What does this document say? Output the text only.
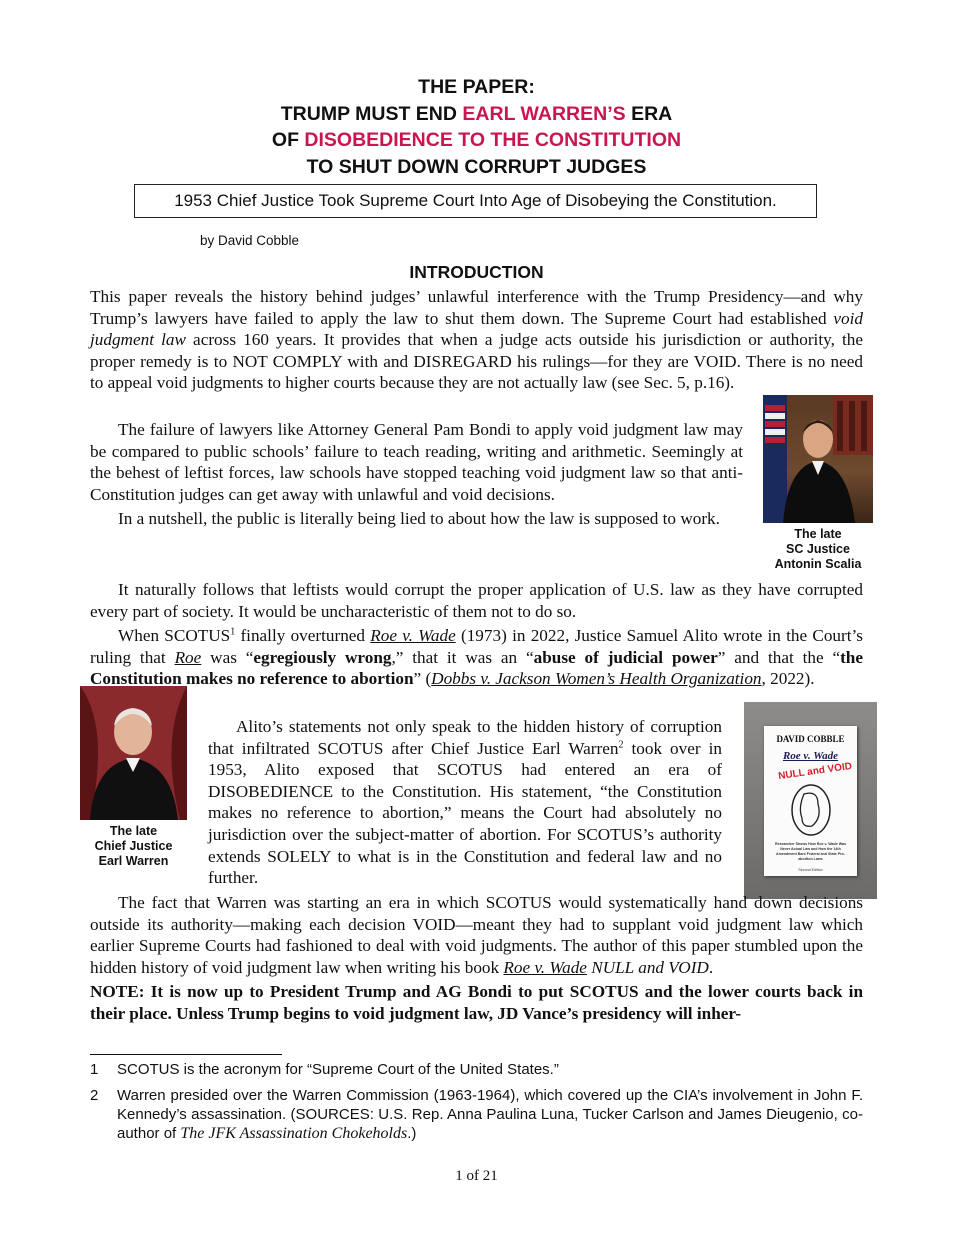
THE PAPER:
TRUMP MUST END EARL WARREN’S ERA
OF DISOBEDIENCE TO THE CONSTITUTION
TO SHUT DOWN CORRUPT JUDGES
1953 Chief Justice Took Supreme Court Into Age of Disobeying the Constitution.
by David Cobble
INTRODUCTION
The late
SC Justice
Antonin Scalia
The late
Chief Justice
Earl Warren
DAVID COBBLE
Roe v. Wade
NULL and VOID
Researcher Shows How Roe v. Wade Was Never Actual Law and How the 14th Amendment Bars Federal and State Pro-abortion Laws
Second Edition

This paper reveals the history behind judges’ unlawful interference with the Trump Presidency—and why Trump’s lawyers have failed to apply the law to shut them down. The Supreme Court had established void judgment law across 160 years. It provides that when a judge acts outside his jurisdiction or authority, the proper remedy is to NOT COMPLY with and DISREGARD his rulings—for they are VOID. There is no need to appeal void judgments to higher courts because they are not actually law (see Sec. 5, p.16).

The failure of lawyers like Attorney General Pam Bondi to apply void judgment law may be compared to public schools’ failure to teach reading, writing and arithmetic. Seemingly at the behest of leftist forces, law schools have stopped teaching void judgment law so that anti-Constitution judges can get away with unlawful and void decisions.

In a nutshell, the public is literally being lied to about how the law is supposed to work.

It naturally follows that leftists would corrupt the proper application of U.S. law as they have corrupted every part of society. It would be uncharacteristic of them not to do so.

When SCOTUS$^1$ finally overturned Roe v. Wade (1973) in 2022, Justice Samuel Alito wrote in the Court’s ruling that Roe was “egregiously wrong,” that it was an “abuse of judicial power” and that the “the Constitution makes no reference to abortion” (Dobbs v. Jackson Women’s Health Organization, 2022).

Alito’s statements not only speak to the hidden history of corruption that infiltrated SCOTUS after Chief Justice Earl Warren$^2$ took over in 1953, Alito exposed that SCOTUS had entered an era of DISOBEDIENCE to the Constitution. His statement, “the Constitution makes no reference to abortion,” means the Court had absolutely no jurisdiction over the subject-matter of abortion. For SCOTUS’s authority extends SOLELY to what is in the Constitution and federal law and no further.

The fact that Warren was starting an era in which SCOTUS would systematically hand down decisions outside its authority—making each decision VOID—meant they had to supplant void judgment law which earlier Supreme Courts had fashioned to deal with void judgments. The author of this paper stumbled upon the hidden history of void judgment law when writing his book Roe v. Wade NULL and VOID.

NOTE: It is now up to President Trump and AG Bondi to put SCOTUS and the lower courts back in their place. Unless Trump begins to void judgment law, JD Vance’s presidency will inher-

1 SCOTUS is the acronym for “Supreme Court of the United States.”
2 Warren presided over the Warren Commission (1963-1964), which covered up the CIA’s involvement in John F. Kennedy’s assassination. (SOURCES: U.S. Rep. Anna Paulina Luna, Tucker Carlson and James Dieugenio, co-author of The JFK Assassination Chokeholds.)
1 of 21
